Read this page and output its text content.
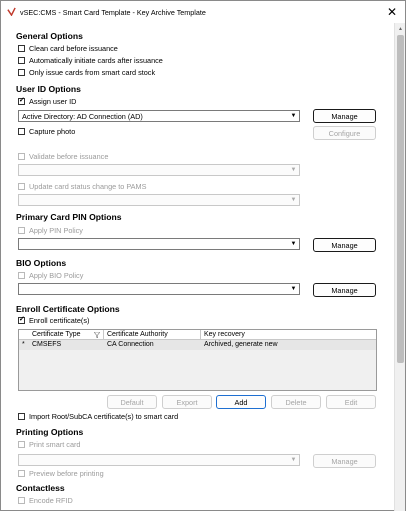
vSEC:CMS - Smart Card Template - Key Archive Template	✕
General Options
Clean card before issuance
Automatically initiate cards after issuance
Only issue cards from smart card stock
User ID Options
✓
Assign user ID
Active Directory: AD Connection (AD)	▼	Manage
Capture photo	Configure
Validate before issuance
▼
Update card status change to PAMS
▼
Primary Card PIN Options
Apply PIN Policy
▼	Manage
BIO Options
Apply BIO Policy
▼	Manage
Enroll Certificate Options
✓
Enroll certificate(s)
Certificate Type	Certificate Authority	Key recovery
* CMSEFS	CA Connection	Archived, generate new
Default	Export	Add	Delete	Edit
Import Root/SubCA certificate(s) to smart card
Printing Options
Print smart card
▼	Manage
Preview before printing
Contactless
Encode RFID
▲
